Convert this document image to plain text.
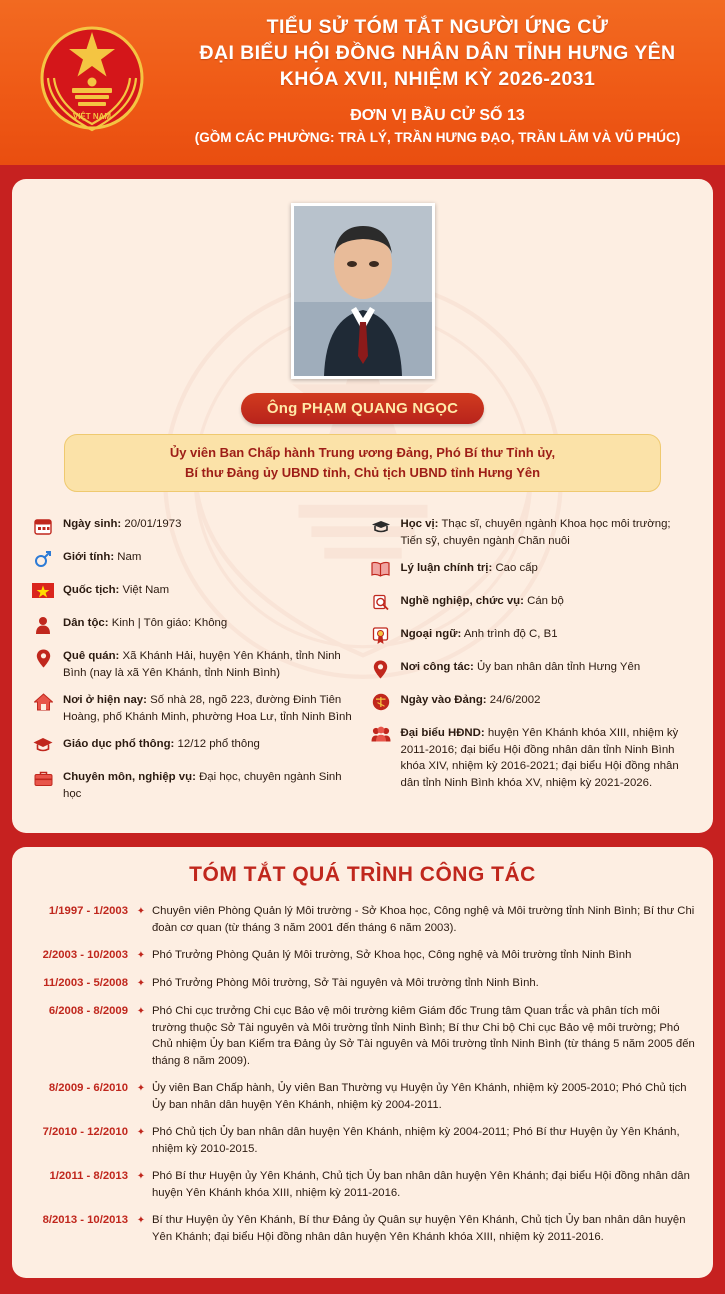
VIỆT NAM
TIỂU SỬ TÓM TẮT NGƯỜI ỨNG CỬ
ĐẠI BIỂU HỘI ĐỒNG NHÂN DÂN TỈNH HƯNG YÊN
KHÓA XVII, NHIỆM KỲ 2026-2031
ĐƠN VỊ BẦU CỬ SỐ 13
(GỒM CÁC PHƯỜNG: TRÀ LÝ, TRẦN HƯNG ĐẠO, TRẦN LÃM VÀ VŨ PHÚC)
Ông PHẠM QUANG NGỌC
Ủy viên Ban Chấp hành Trung ương Đảng, Phó Bí thư Tỉnh ủy,
Bí thư Đảng ủy UBND tỉnh, Chủ tịch UBND tỉnh Hưng Yên
Ngày sinh: 20/01/1973
Giới tính: Nam
Quốc tịch: Việt Nam
Dân tộc: Kinh | Tôn giáo: Không
Quê quán: Xã Khánh Hải, huyện Yên Khánh, tỉnh Ninh Bình (nay là xã Yên Khánh, tỉnh Ninh Bình)
Nơi ở hiện nay: Số nhà 28, ngõ 223, đường Đinh Tiên Hoàng, phố Khánh Minh, phường Hoa Lư, tỉnh Ninh Bình
Giáo dục phổ thông: 12/12 phổ thông
Chuyên môn, nghiệp vụ: Đại học, chuyên ngành Sinh học
Học vị: Thạc sĩ, chuyên ngành Khoa học môi trường; Tiến sỹ, chuyên ngành Chăn nuôi
Lý luận chính trị: Cao cấp
Nghề nghiệp, chức vụ: Cán bộ
Ngoại ngữ: Anh trình độ C, B1
Nơi công tác: Ủy ban nhân dân tỉnh Hưng Yên
Ngày vào Đảng: 24/6/2002
Đại biểu HĐND: huyện Yên Khánh khóa XIII, nhiệm kỳ 2011-2016; đại biểu Hội đồng nhân dân tỉnh Ninh Bình khóa XIV, nhiệm kỳ 2016-2021; đại biểu Hội đồng nhân dân tỉnh Ninh Bình khóa XV, nhiệm kỳ 2021-2026.
TÓM TẮT QUÁ TRÌNH CÔNG TÁC
1/1997 - 1/2003 ✦ Chuyên viên Phòng Quản lý Môi trường - Sở Khoa học, Công nghệ và Môi trường tỉnh Ninh Bình; Bí thư Chi đoàn cơ quan (từ tháng 3 năm 2001 đến tháng 6 năm 2003).
2/2003 - 10/2003 ✦ Phó Trưởng Phòng Quản lý Môi trường, Sở Khoa học, Công nghệ và Môi trường tỉnh Ninh Bình
11/2003 - 5/2008 ✦ Phó Trưởng Phòng Môi trường, Sở Tài nguyên và Môi trường tỉnh Ninh Bình.
6/2008 - 8/2009 ✦ Phó Chi cục trưởng Chi cục Bảo vệ môi trường kiêm Giám đốc Trung tâm Quan trắc và phân tích môi trường thuộc Sở Tài nguyên và Môi trường tỉnh Ninh Bình; Bí thư Chi bộ Chi cục Bảo vệ môi trường; Phó Chủ nhiệm Ủy ban Kiểm tra Đảng ủy Sở Tài nguyên và Môi trường tỉnh Ninh Bình (từ tháng 5 năm 2005 đến tháng 8 năm 2009).
8/2009 - 6/2010 ✦ Ủy viên Ban Chấp hành, Ủy viên Ban Thường vụ Huyện ủy Yên Khánh, nhiệm kỳ 2005-2010; Phó Chủ tịch Ủy ban nhân dân huyện Yên Khánh, nhiệm kỳ 2004-2011.
7/2010 - 12/2010 ✦ Phó Chủ tịch Ủy ban nhân dân huyện Yên Khánh, nhiệm kỳ 2004-2011; Phó Bí thư Huyện ủy Yên Khánh, nhiệm kỳ 2010-2015.
1/2011 - 8/2013 ✦ Phó Bí thư Huyện ủy Yên Khánh, Chủ tịch Ủy ban nhân dân huyện Yên Khánh; đại biểu Hội đồng nhân dân huyện Yên Khánh khóa XIII, nhiệm kỳ 2011-2016.
8/2013 - 10/2013 ✦ Bí thư Huyện ủy Yên Khánh, Bí thư Đảng ủy Quân sự huyện Yên Khánh, Chủ tịch Ủy ban nhân dân huyện Yên Khánh; đại biểu Hội đồng nhân dân huyện Yên Khánh khóa XIII, nhiệm kỳ 2011-2016.
